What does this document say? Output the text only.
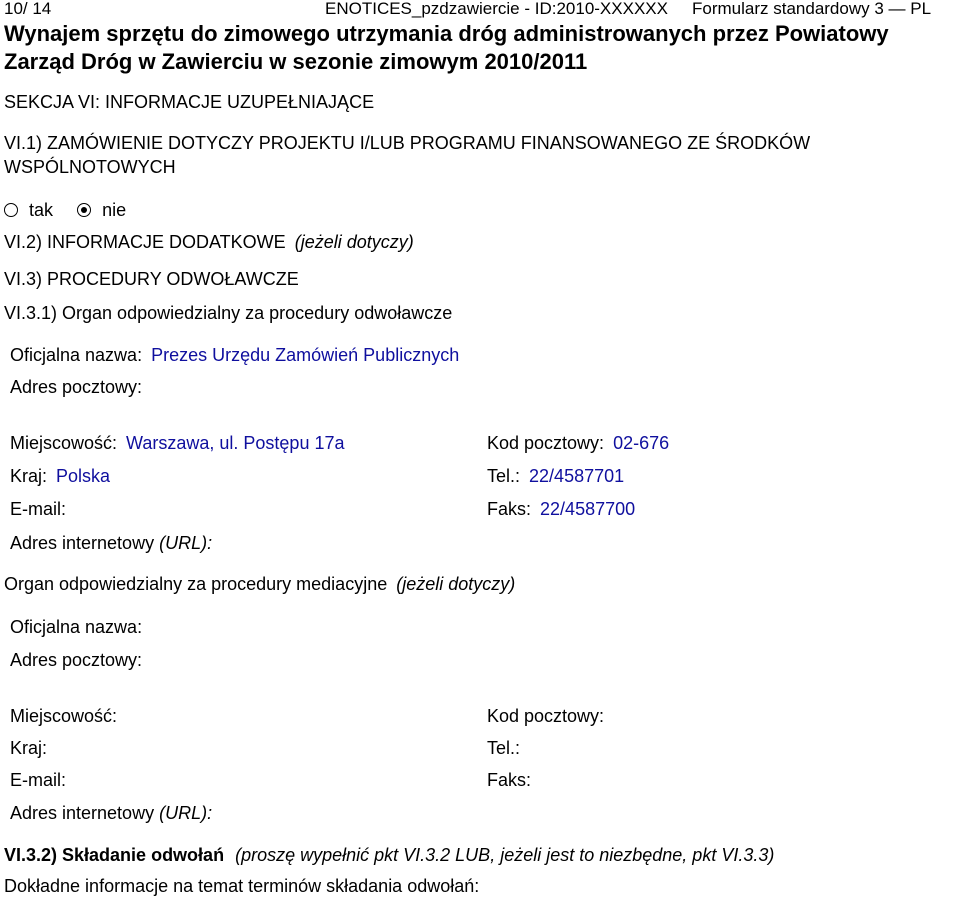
10/ 14	ENOTICES_pzdzawiercie - ID:2010-XXXXXX Formularz standardowy 3 — PL
Wynajem sprzętu do zimowego utrzymania dróg administrowanych przez Powiatowy
Zarząd Dróg w Zawierciu w sezonie zimowym 2010/2011
SEKCJA VI: INFORMACJE UZUPEŁNIAJĄCE
VI.1) ZAMÓWIENIE DOTYCZY PROJEKTU I/LUB PROGRAMU FINANSOWANEGO ZE ŚRODKÓW
WSPÓLNOTOWYCH
tak	nie
VI.2) INFORMACJE DODATKOWE (jeżeli dotyczy)
VI.3) PROCEDURY ODWOŁAWCZE
VI.3.1) Organ odpowiedzialny za procedury odwoławcze
Oficjalna nazwa: Prezes Urzędu Zamówień Publicznych
Adres pocztowy:
Miejscowość: Warszawa, ul. Postępu 17a	Kod pocztowy: 02-676
Kraj: Polska	Tel.: 22/4587701
E-mail:	Faks: 22/4587700
Adres internetowy (URL):
Organ odpowiedzialny za procedury mediacyjne (jeżeli dotyczy)
Oficjalna nazwa:
Adres pocztowy:
Miejscowość:	Kod pocztowy:
Kraj:	Tel.:
E-mail:	Faks:
Adres internetowy (URL):
VI.3.2) Składanie odwołań (proszę wypełnić pkt VI.3.2 LUB, jeżeli jest to niezbędne, pkt VI.3.3)
Dokładne informacje na temat terminów składania odwołań:
